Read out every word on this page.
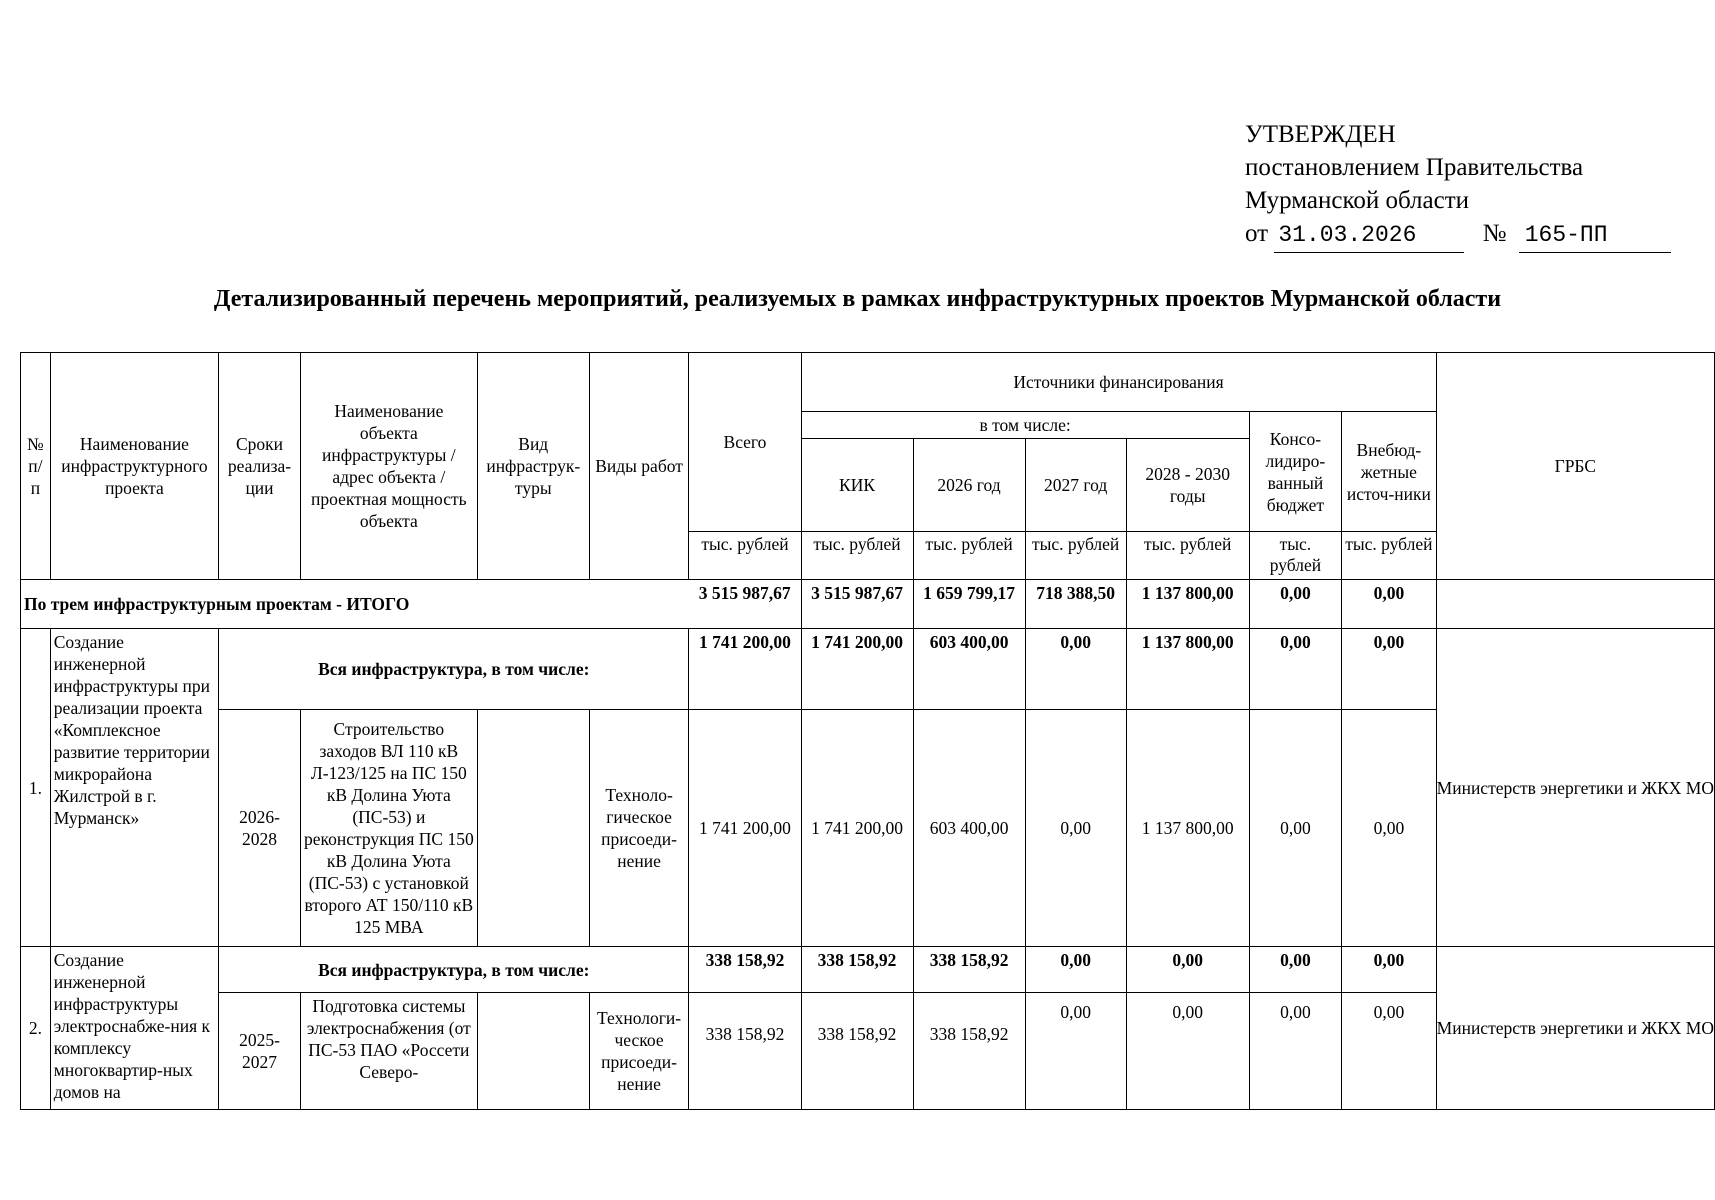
УТВЕРЖДЕН
постановлением Правительства
Мурманской области
от 31.03.2026	№ 165-ПП
Детализированный перечень мероприятий, реализуемых в рамках инфраструктурных проектов Мурманской области
№ п/п	Наименование инфраструктурного проекта	Сроки реализа-ции	Наименование объекта инфраструктуры / адрес объекта / проектная мощность объекта	Вид инфраструк-туры	Виды работ	Всего	Источники финансирования						ГРБС
							в том числе:				Консо-лидиро-ванный бюджет	Внебюд-жетные источ-ники	
							КИК	2026 год	2027 год	2028 - 2030 годы			
						тыс. рублей	тыс. рублей	тыс. рублей	тыс. рублей	тыс. рублей	тыс. рублей	тыс. рублей	
По трем инфраструктурным проектам - ИТОГО						3 515 987,67	3 515 987,67	1 659 799,17	718 388,50	1 137 800,00	0,00	0,00	
1.	Создание инженерной инфраструктуры при реализации проекта «Комплексное развитие территории микрорайона Жилстрой в г. Мурманск»	Вся инфраструктура, в том числе:				1 741 200,00	1 741 200,00	603 400,00	0,00	1 137 800,00	0,00	0,00	Министерств энергетики и ЖКХ МО
		2026-2028	Строительство заходов ВЛ 110 кВ Л-123/125 на ПС 150 кВ Долина Уюта (ПС-53) и реконструкция ПС 150 кВ Долина Уюта (ПС-53) с установкой второго АТ 150/110 кВ 125 МВА		Техноло-гическое присоеди-нение	1 741 200,00	1 741 200,00	603 400,00	0,00	1 137 800,00	0,00	0,00	
2.	Создание инженерной инфраструктуры электроснабже-ния к комплексу многоквартир-ных домов на	Вся инфраструктура, в том числе:				338 158,92	338 158,92	338 158,92	0,00	0,00	0,00	0,00	Министерств энергетики и ЖКХ МО
		2025-2027	Подготовка системы электроснабжения (от ПС-53 ПАО «Россети Северо-		Технологи-ческое присоеди-нение	338 158,92	338 158,92	338 158,92	0,00	0,00	0,00	0,00	
